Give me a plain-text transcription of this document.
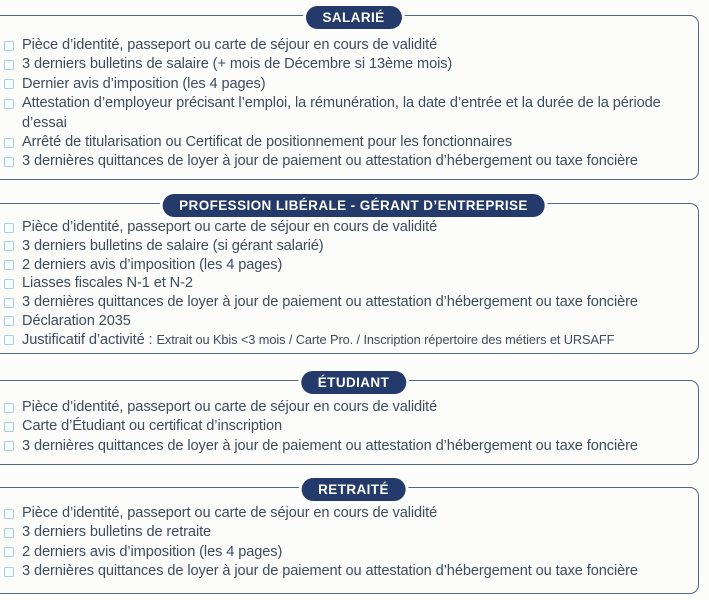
SALARIÉ
Pièce d’identité, passeport ou carte de séjour en cours de validité
3 derniers bulletins de salaire (+ mois de Décembre si 13ème mois)
Dernier avis d’imposition (les 4 pages)
Attestation d’employeur précisant l’emploi, la rémunération, la date d’entrée et la durée de la période d’essai
Arrêté de titularisation ou Certificat de positionnement pour les fonctionnaires
3 dernières quittances de loyer à jour de paiement ou attestation d’hébergement ou taxe foncière
PROFESSION LIBÉRALE - GÉRANT D’ENTREPRISE
Pièce d’identité, passeport ou carte de séjour en cours de validité
3 derniers bulletins de salaire (si gérant salarié)
2 derniers avis d’imposition (les 4 pages)
Liasses fiscales N-1 et N-2
3 dernières quittances de loyer à jour de paiement ou attestation d’hébergement ou taxe foncière
Déclaration 2035
Justificatif d’activité : Extrait ou Kbis <3 mois / Carte Pro. / Inscription répertoire des métiers et URSAFF
ÉTUDIANT
Pièce d’identité, passeport ou carte de séjour en cours de validité
Carte d’Étudiant ou certificat d’inscription
3 dernières quittances de loyer à jour de paiement ou attestation d’hébergement ou taxe foncière
RETRAITÉ
Pièce d’identité, passeport ou carte de séjour en cours de validité
3 derniers bulletins de retraite
2 derniers avis d’imposition (les 4 pages)
3 dernières quittances de loyer à jour de paiement ou attestation d’hébergement ou taxe foncière
